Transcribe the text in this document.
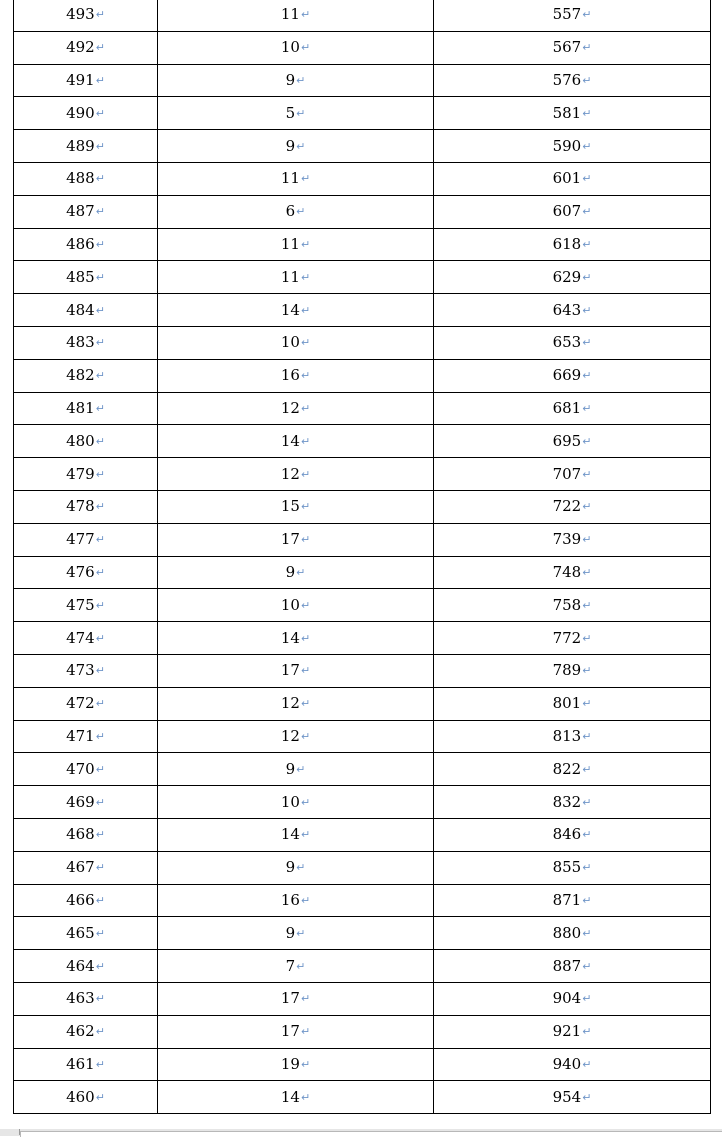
493↵	11↵	557↵
492↵	10↵	567↵
491↵	9↵	576↵
490↵	5↵	581↵
489↵	9↵	590↵
488↵	11↵	601↵
487↵	6↵	607↵
486↵	11↵	618↵
485↵	11↵	629↵
484↵	14↵	643↵
483↵	10↵	653↵
482↵	16↵	669↵
481↵	12↵	681↵
480↵	14↵	695↵
479↵	12↵	707↵
478↵	15↵	722↵
477↵	17↵	739↵
476↵	9↵	748↵
475↵	10↵	758↵
474↵	14↵	772↵
473↵	17↵	789↵
472↵	12↵	801↵
471↵	12↵	813↵
470↵	9↵	822↵
469↵	10↵	832↵
468↵	14↵	846↵
467↵	9↵	855↵
466↵	16↵	871↵
465↵	9↵	880↵
464↵	7↵	887↵
463↵	17↵	904↵
462↵	17↵	921↵
461↵	19↵	940↵
460↵	14↵	954↵
